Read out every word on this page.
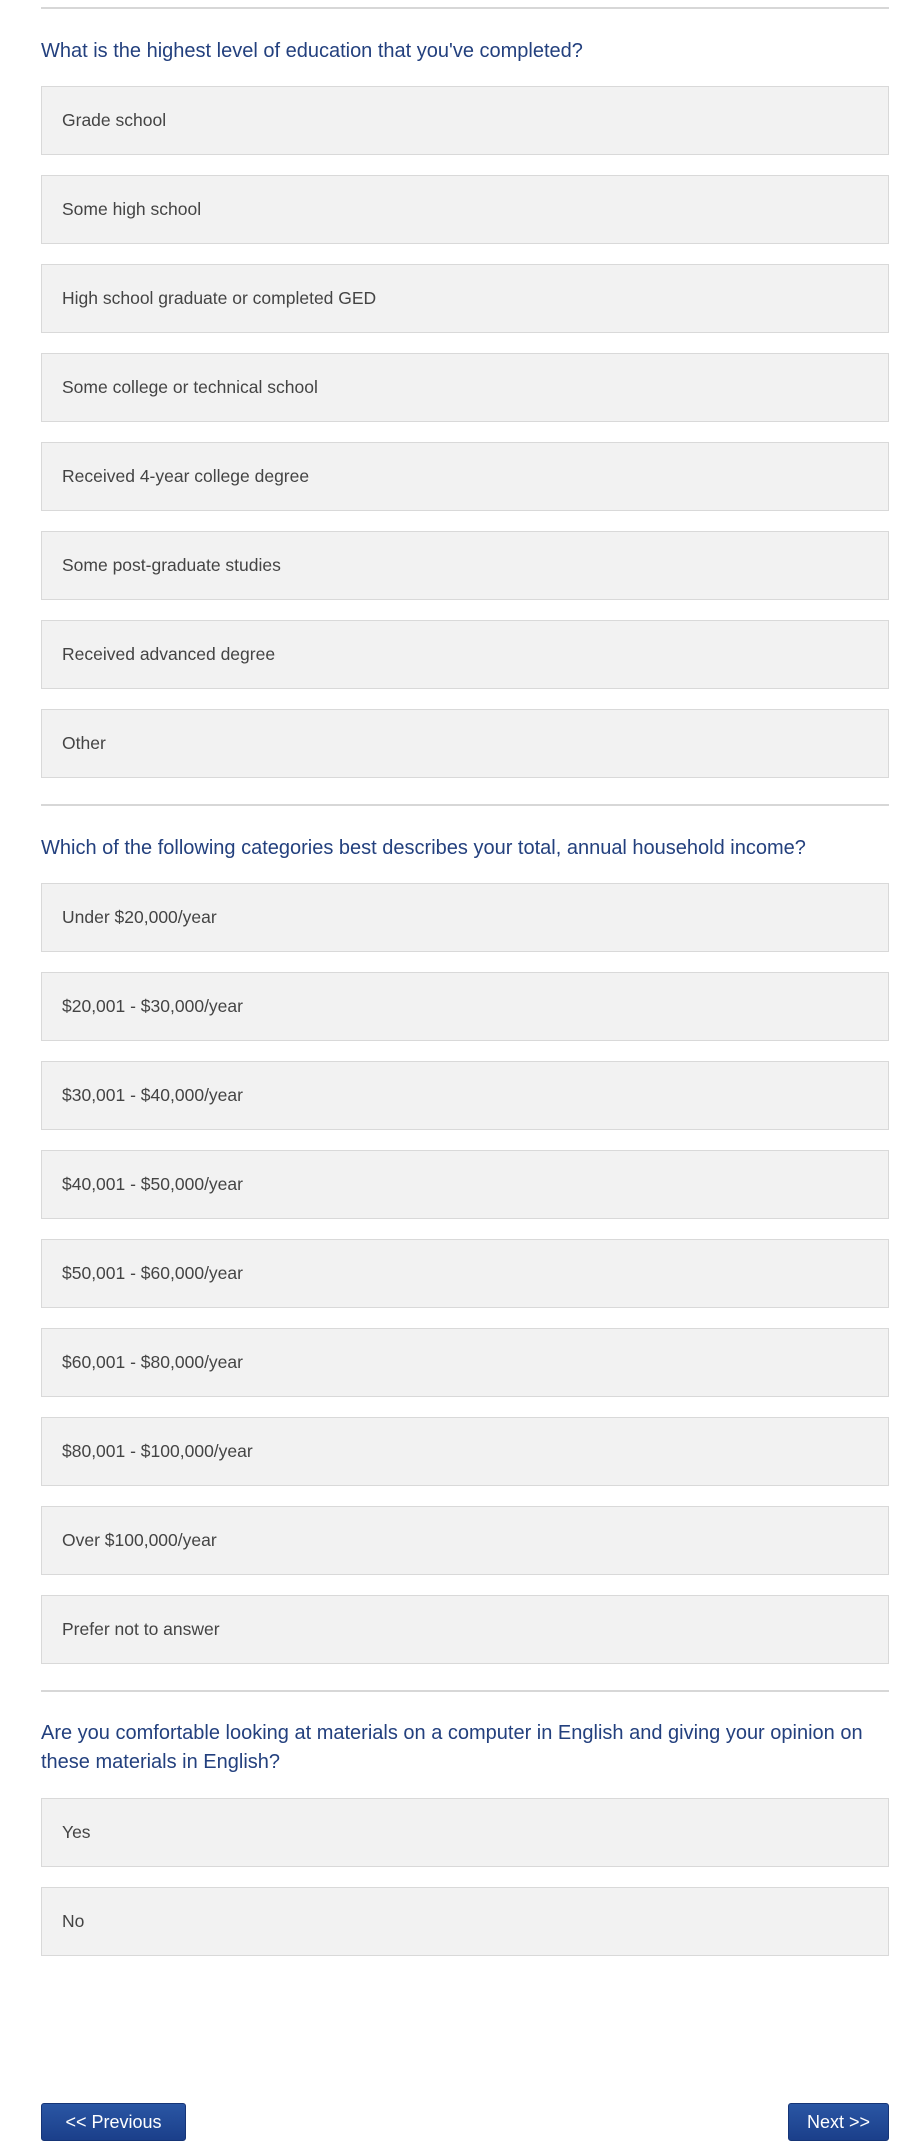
What is the highest level of education that you've completed?
Grade school
Some high school
High school graduate or completed GED
Some college or technical school
Received 4-year college degree
Some post-graduate studies
Received advanced degree
Other
Which of the following categories best describes your total, annual household income?
Under $20,000/year
$20,001 - $30,000/year
$30,001 - $40,000/year
$40,001 - $50,000/year
$50,001 - $60,000/year
$60,001 - $80,000/year
$80,001 - $100,000/year
Over $100,000/year
Prefer not to answer
Are you comfortable looking at materials on a computer in English and giving your opinion on these materials in English?
Yes
No
<< Previous	Next >>
